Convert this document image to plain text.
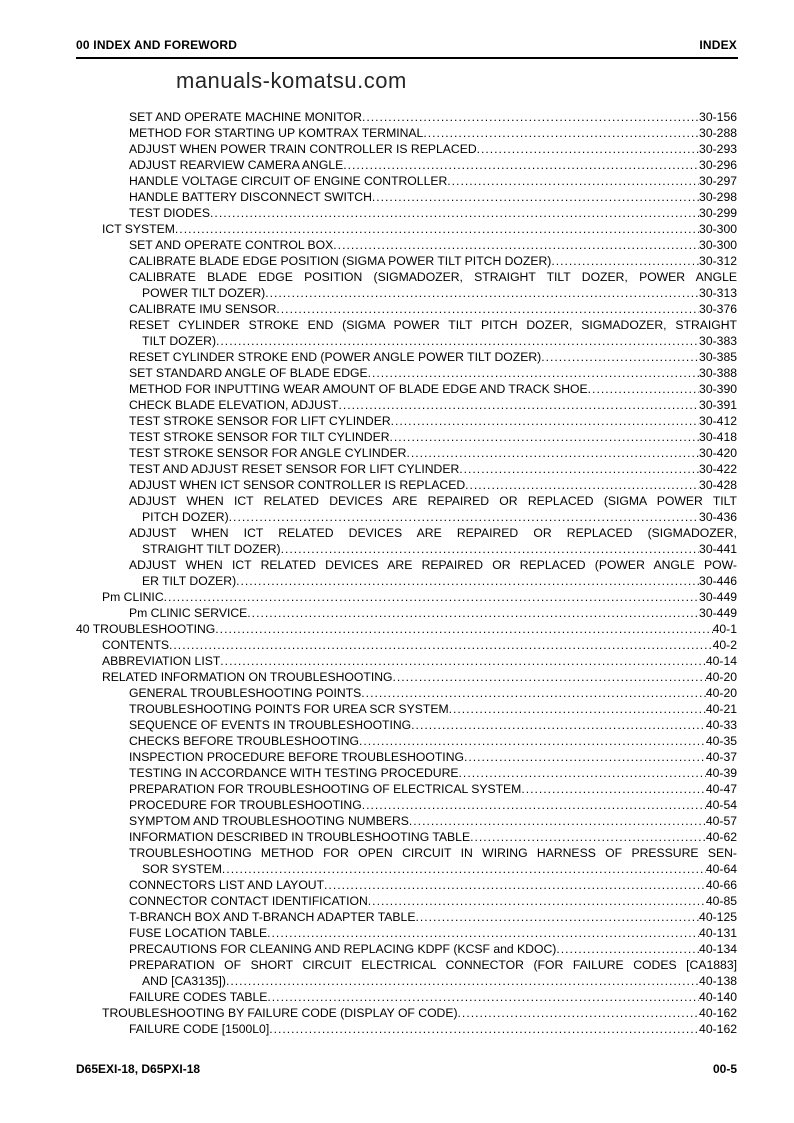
00 INDEX AND FOREWORD	INDEX
manuals-komatsu.com
SET AND OPERATE MACHINE MONITOR .....	30-156
METHOD FOR STARTING UP KOMTRAX TERMINAL .....	30-288
ADJUST WHEN POWER TRAIN CONTROLLER IS REPLACED .....	30-293
ADJUST REARVIEW CAMERA ANGLE .....	30-296
HANDLE VOLTAGE CIRCUIT OF ENGINE CONTROLLER .....	30-297
HANDLE BATTERY DISCONNECT SWITCH .....	30-298
TEST DIODES .....	30-299
ICT SYSTEM .....	30-300
SET AND OPERATE CONTROL BOX .....	30-300
CALIBRATE BLADE EDGE POSITION (SIGMA POWER TILT PITCH DOZER) .....	30-312
CALIBRATE BLADE EDGE POSITION (SIGMADOZER, STRAIGHT TILT DOZER, POWER ANGLE
POWER TILT DOZER) .....	30-313
CALIBRATE IMU SENSOR .....	30-376
RESET CYLINDER STROKE END (SIGMA POWER TILT PITCH DOZER, SIGMADOZER, STRAIGHT
TILT DOZER) .....	30-383
RESET CYLINDER STROKE END (POWER ANGLE POWER TILT DOZER) .....	30-385
SET STANDARD ANGLE OF BLADE EDGE .....	30-388
METHOD FOR INPUTTING WEAR AMOUNT OF BLADE EDGE AND TRACK SHOE .....	30-390
CHECK BLADE ELEVATION, ADJUST .....	30-391
TEST STROKE SENSOR FOR LIFT CYLINDER .....	30-412
TEST STROKE SENSOR FOR TILT CYLINDER .....	30-418
TEST STROKE SENSOR FOR ANGLE CYLINDER .....	30-420
TEST AND ADJUST RESET SENSOR FOR LIFT CYLINDER .....	30-422
ADJUST WHEN ICT SENSOR CONTROLLER IS REPLACED .....	30-428
ADJUST WHEN ICT RELATED DEVICES ARE REPAIRED OR REPLACED (SIGMA POWER TILT
PITCH DOZER) .....	30-436
ADJUST WHEN ICT RELATED DEVICES ARE REPAIRED OR REPLACED (SIGMADOZER,
STRAIGHT TILT DOZER) .....	30-441
ADJUST WHEN ICT RELATED DEVICES ARE REPAIRED OR REPLACED (POWER ANGLE POW-
ER TILT DOZER) .....	30-446
Pm CLINIC .....	30-449
Pm CLINIC SERVICE .....	30-449
40 TROUBLESHOOTING .....	40-1
CONTENTS .....	40-2
ABBREVIATION LIST .....	40-14
RELATED INFORMATION ON TROUBLESHOOTING .....	40-20
GENERAL TROUBLESHOOTING POINTS .....	40-20
TROUBLESHOOTING POINTS FOR UREA SCR SYSTEM .....	40-21
SEQUENCE OF EVENTS IN TROUBLESHOOTING .....	40-33
CHECKS BEFORE TROUBLESHOOTING .....	40-35
INSPECTION PROCEDURE BEFORE TROUBLESHOOTING .....	40-37
TESTING IN ACCORDANCE WITH TESTING PROCEDURE .....	40-39
PREPARATION FOR TROUBLESHOOTING OF ELECTRICAL SYSTEM .....	40-47
PROCEDURE FOR TROUBLESHOOTING .....	40-54
SYMPTOM AND TROUBLESHOOTING NUMBERS .....	40-57
INFORMATION DESCRIBED IN TROUBLESHOOTING TABLE .....	40-62
TROUBLESHOOTING METHOD FOR OPEN CIRCUIT IN WIRING HARNESS OF PRESSURE SEN-
SOR SYSTEM .....	40-64
CONNECTORS LIST AND LAYOUT .....	40-66
CONNECTOR CONTACT IDENTIFICATION .....	40-85
T-BRANCH BOX AND T-BRANCH ADAPTER TABLE .....	40-125
FUSE LOCATION TABLE .....	40-131
PRECAUTIONS FOR CLEANING AND REPLACING KDPF (KCSF and KDOC) .....	40-134
PREPARATION OF SHORT CIRCUIT ELECTRICAL CONNECTOR (FOR FAILURE CODES [CA1883]
AND [CA3135]) .....	40-138
FAILURE CODES TABLE .....	40-140
TROUBLESHOOTING BY FAILURE CODE (DISPLAY OF CODE) .....	40-162
FAILURE CODE [1500L0] .....	40-162
D65EXI-18, D65PXI-18	00-5
